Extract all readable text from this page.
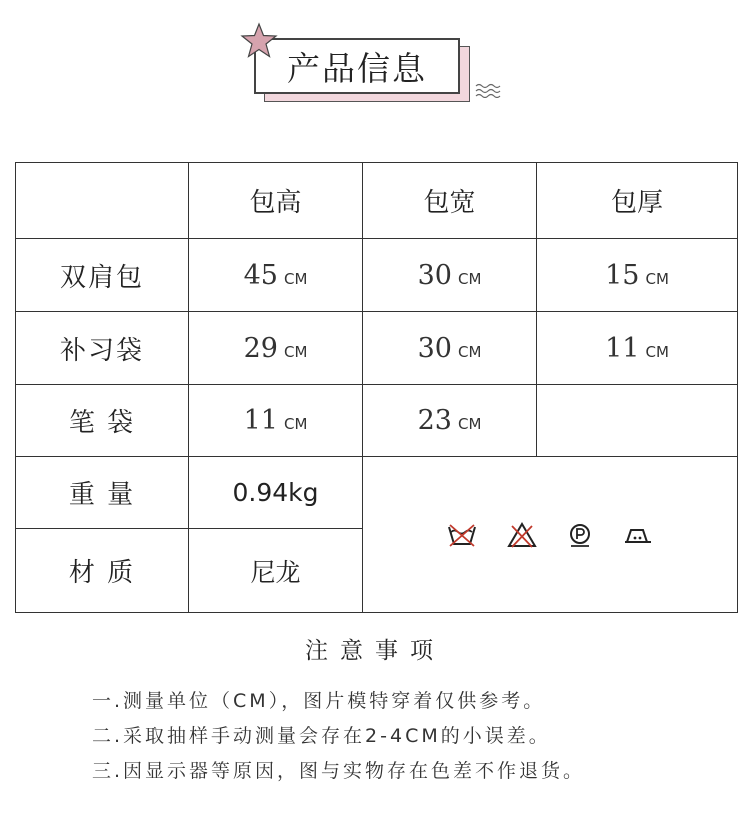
产品信息
	包高	包宽	包厚
双肩包	45 CM	30 CM	15 CM
补习袋	29 CM	30 CM	11 CM
笔 袋	11 CM	23 CM	
重 量	0.94kg	

材 质	尼龙		
注意事项
一.测量单位（CM），图片模特穿着仅供参考。
二.采取抽样手动测量会存在2-4CM的小误差。
三.因显示器等原因，图与实物存在色差不作退货。
